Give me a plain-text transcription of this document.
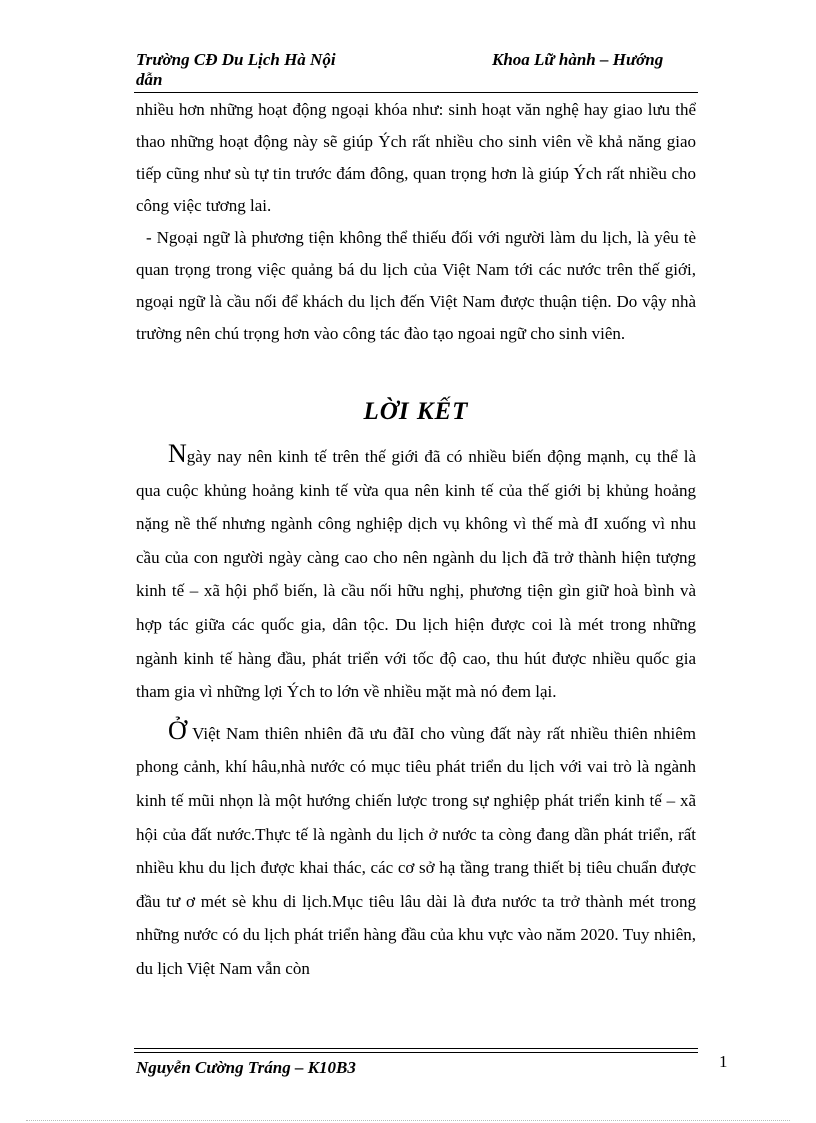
Trường CĐ Du Lịch Hà Nội	Khoa Lữ hành – Hướng
dẫn

nhiều hơn những hoạt động ngoại khóa như: sinh hoạt văn nghệ hay giao lưu thể thao những hoạt động này sẽ giúp Ých rất nhiều cho sinh viên về khả năng giao tiếp cũng như sù tự tin trước đám đông, quan trọng hơn là giúp Ých rất nhiều cho công việc tương lai.

- Ngoại ngữ là phương tiện không thể thiếu đối với người làm du lịch, là yêu tè quan trọng trong việc quảng bá du lịch của Việt Nam tới các nước trên thế giới, ngoại ngữ là cầu nối để khách du lịch đến Việt Nam được thuận tiện. Do vậy nhà trường nên chú trọng hơn vào công tác đào tạo ngoai ngữ cho sinh viên.

LỜI KẾT

Ngày nay nên kinh tế trên thế giới đã có nhiều biến động mạnh, cụ thể là qua cuộc khủng hoảng kinh tế vừa qua nên kinh tế của thế giới bị khủng hoảng nặng nề thế nhưng ngành công nghiệp dịch vụ không vì thế mà đI xuống vì nhu cầu của con người ngày càng cao cho nên ngành du lịch đã trở thành hiện tượng kinh tế – xã hội phổ biến, là cầu nối hữu nghị, phương tiện gìn giữ hoà bình và hợp tác giữa các quốc gia, dân tộc. Du lịch hiện được coi là mét trong những ngành kinh tế hàng đầu, phát triển với tốc độ cao, thu hút được nhiều quốc gia tham gia vì những lợi Ých to lớn về nhiều mặt mà nó đem lại.

Ở Việt Nam thiên nhiên đã ưu đãI cho vùng đất này rất nhiều thiên nhiêm phong cảnh, khí hâu,nhà nước có mục tiêu phát triển du lịch với vai trò là ngành kinh tế mũi nhọn là một hướng chiến lược trong sự nghiệp phát triển kinh tế – xã hội của đất nước.Thực tế là ngành du lịch ở nước ta còng đang dần phát triển, rất nhiều khu du lịch được khai thác, các cơ sở hạ tầng trang thiết bị tiêu chuẩn được đầu tư ơ mét sè khu di lịch.Mục tiêu lâu dài là đưa nước ta trở thành mét trong những nước có du lịch phát triển hàng đầu của khu vực vào năm 2020. Tuy nhiên, du lịch Việt Nam vẫn còn

Nguyễn Cường Tráng – K10B3	1
